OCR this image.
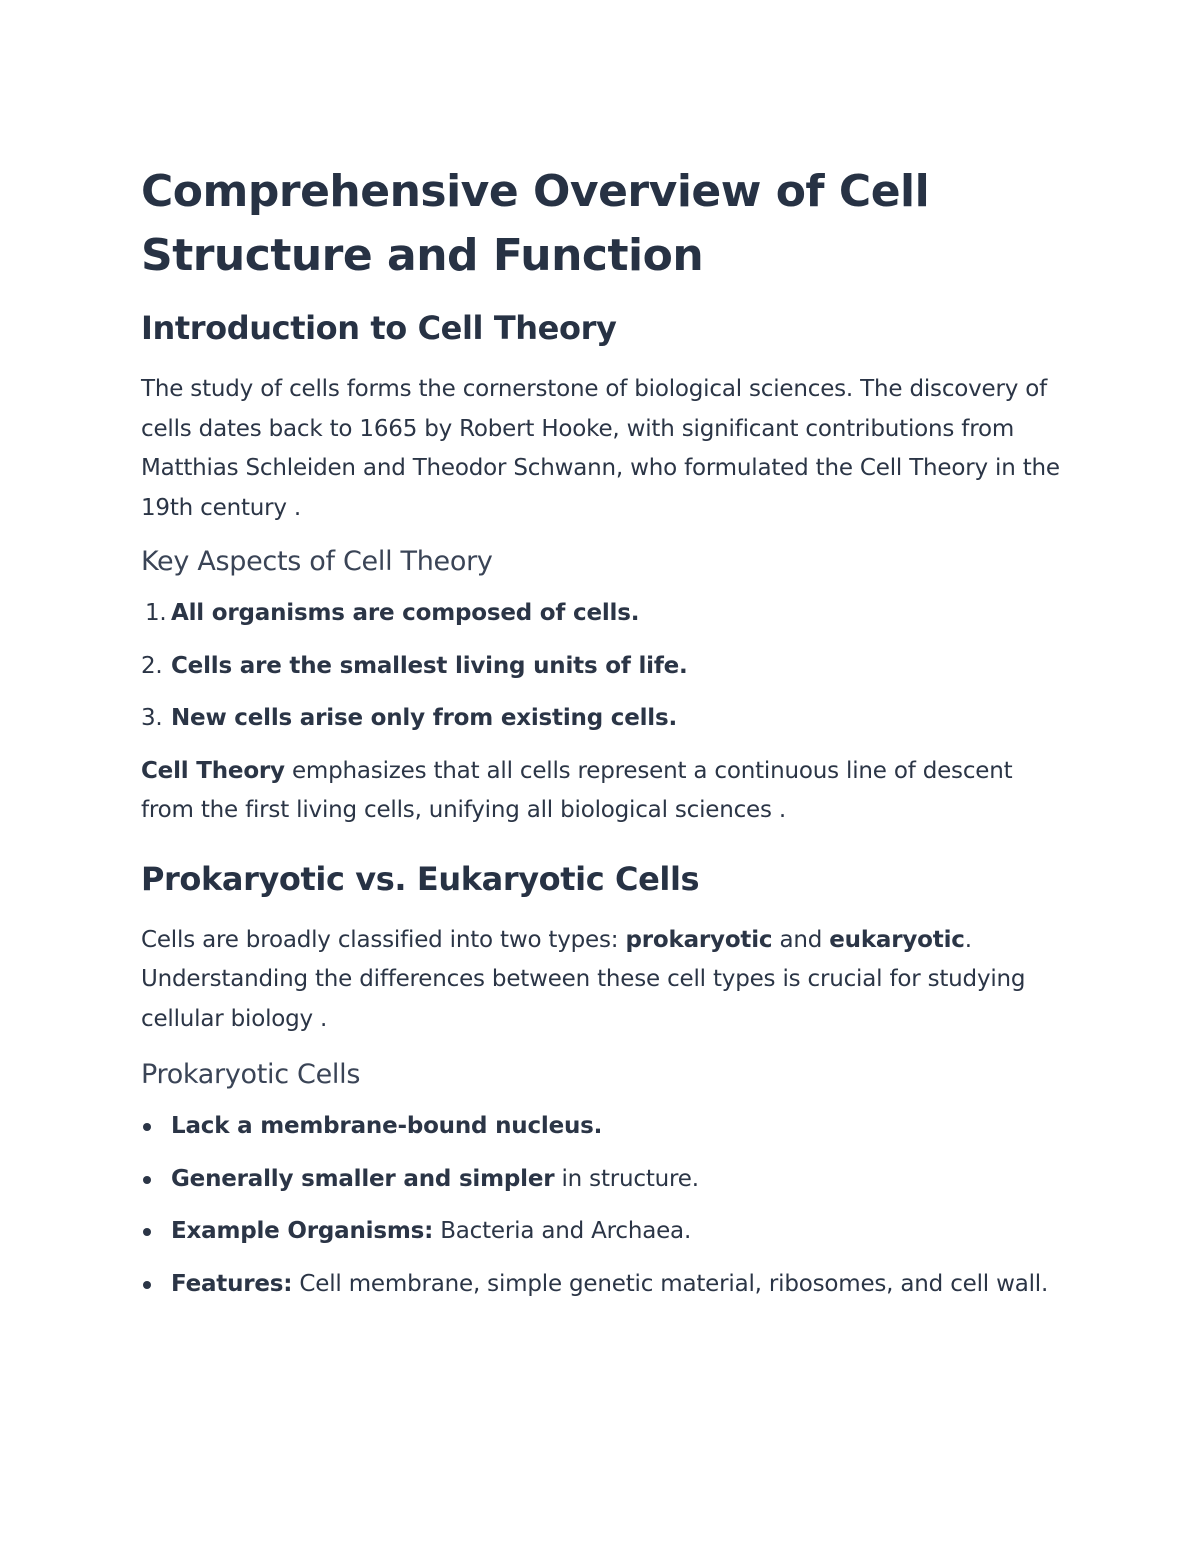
Comprehensive Overview of Cell Structure and Function
Introduction to Cell Theory

The study of cells forms the cornerstone of biological sciences. The discovery of cells dates back to 1665 by Robert Hooke, with significant contributions from Matthias Schleiden and Theodor Schwann, who formulated the Cell Theory in the 19th century .

Key Aspects of Cell Theory
1. All organisms are composed of cells.
2. Cells are the smallest living units of life.
3. New cells arise only from existing cells.

Cell Theory emphasizes that all cells represent a continuous line of descent from the first living cells, unifying all biological sciences .

Prokaryotic vs. Eukaryotic Cells

Cells are broadly classified into two types: prokaryotic and eukaryotic. Understanding the differences between these cell types is crucial for studying cellular biology .

Prokaryotic Cells
Lack a membrane-bound nucleus.
Generally smaller and simpler in structure.
Example Organisms: Bacteria and Archaea.
Features: Cell membrane, simple genetic material, ribosomes, and cell wall.
